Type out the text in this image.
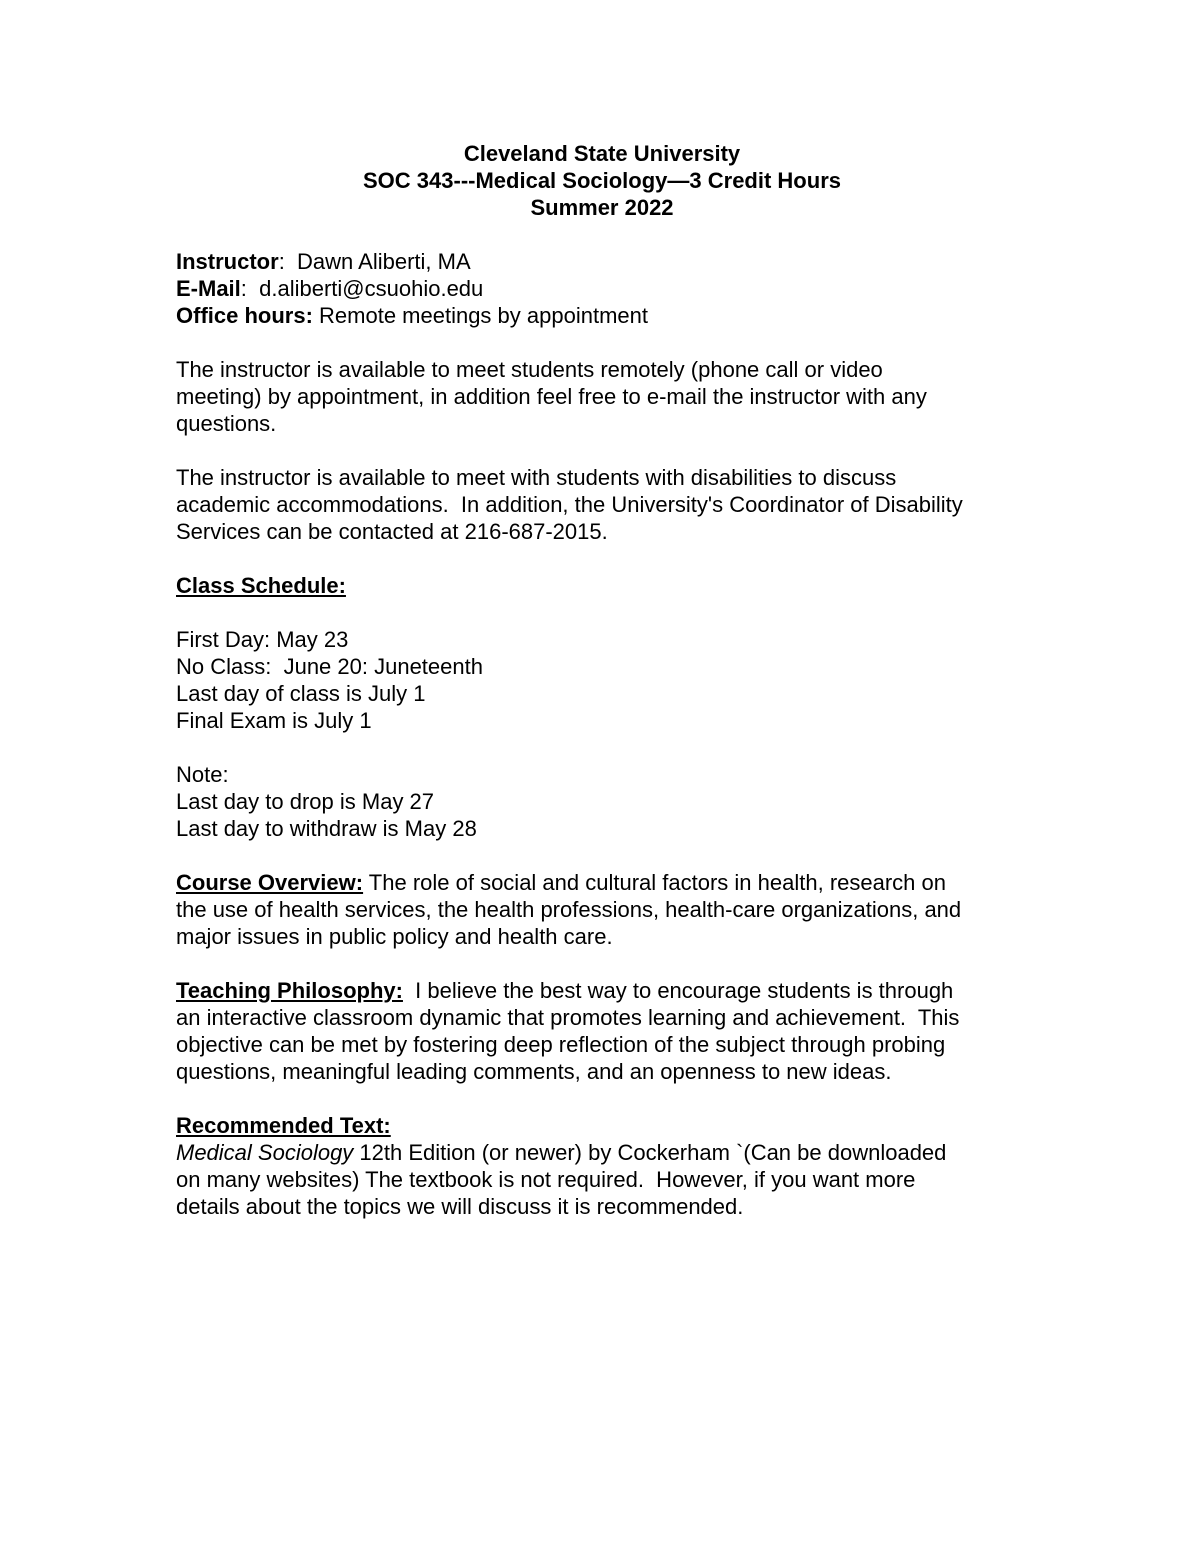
Cleveland State University
SOC 343---Medical Sociology—3 Credit Hours
Summer 2022
Instructor:  Dawn Aliberti, MA
E-Mail:  d.aliberti@csuohio.edu
Office hours: Remote meetings by appointment
The instructor is available to meet students remotely (phone call or video
meeting) by appointment, in addition feel free to e-mail the instructor with any
questions.
The instructor is available to meet with students with disabilities to discuss
academic accommodations.  In addition, the University's Coordinator of Disability
Services can be contacted at 216-687-2015.
Class Schedule:
First Day: May 23
No Class:  June 20: Juneteenth
Last day of class is July 1
Final Exam is July 1
Note:
Last day to drop is May 27
Last day to withdraw is May 28
Course Overview: The role of social and cultural factors in health, research on
the use of health services, the health professions, health-care organizations, and
major issues in public policy and health care.
Teaching Philosophy:  I believe the best way to encourage students is through
an interactive classroom dynamic that promotes learning and achievement.  This
objective can be met by fostering deep reflection of the subject through probing
questions, meaningful leading comments, and an openness to new ideas.
Recommended Text:
Medical Sociology 12th Edition (or newer) by Cockerham `(Can be downloaded
on many websites) The textbook is not required.  However, if you want more
details about the topics we will discuss it is recommended.
